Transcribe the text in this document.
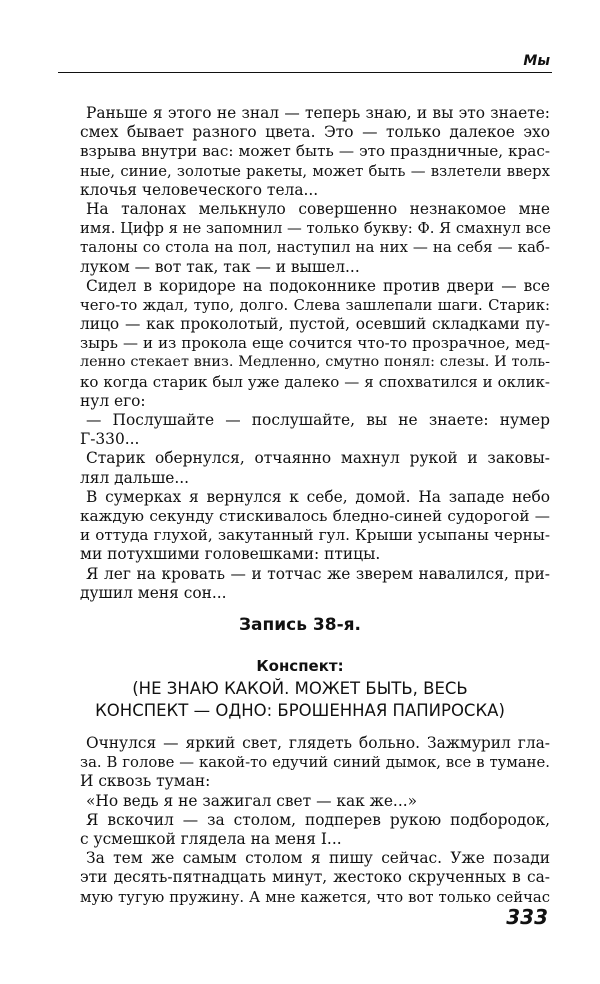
Мы
Раньше я этого не знал — теперь знаю, и вы это знаете:
смех бывает разного цвета. Это — только далекое эхо
взрыва внутри вас: может быть — это праздничные, крас-
ные, синие, золотые ракеты, может быть — взлетели вверх
клочья человеческого тела...
На талонах мелькнуло совершенно незнакомое мне
имя. Цифр я не запомнил — только букву: Ф. Я смахнул все
талоны со стола на пол, наступил на них — на себя — каб-
луком — вот так, так — и вышел...
Сидел в коридоре на подоконнике против двери — все
чего-то ждал, тупо, долго. Слева зашлепали шаги. Старик:
лицо — как проколотый, пустой, осевший складками пу-
зырь — и из прокола еще сочится что-то прозрачное, мед-
ленно стекает вниз. Медленно, смутно понял: слезы. И толь-
ко когда старик был уже далеко — я спохватился и оклик-
нул его:
— Послушайте — послушайте, вы не знаете: нумер
Г-330...
Старик обернулся, отчаянно махнул рукой и заковы-
лял дальше...
В сумерках я вернулся к себе, домой. На западе небо
каждую секунду стискивалось бледно-синей судорогой —
и оттуда глухой, закутанный гул. Крыши усыпаны черны-
ми потухшими головешками: птицы.
Я лег на кровать — и тотчас же зверем навалился, при-
душил меня сон...
Запись 38-я.
Конспект:
(НЕ ЗНАЮ КАКОЙ. МОЖЕТ БЫТЬ, ВЕСЬ
КОНСПЕКТ — ОДНО: БРОШЕННАЯ ПАПИРОСКА)
Очнулся — яркий свет, глядеть больно. Зажмурил гла-
за. В голове — какой-то едучий синий дымок, все в тумане.
И сквозь туман:
«Но ведь я не зажигал свет — как же...»
Я вскочил — за столом, подперев рукою подбородок,
с усмешкой глядела на меня I...
За тем же самым столом я пишу сейчас. Уже позади
эти десять-пятнадцать минут, жестоко скрученных в са-
мую тугую пружину. А мне кажется, что вот только сейчас
333
